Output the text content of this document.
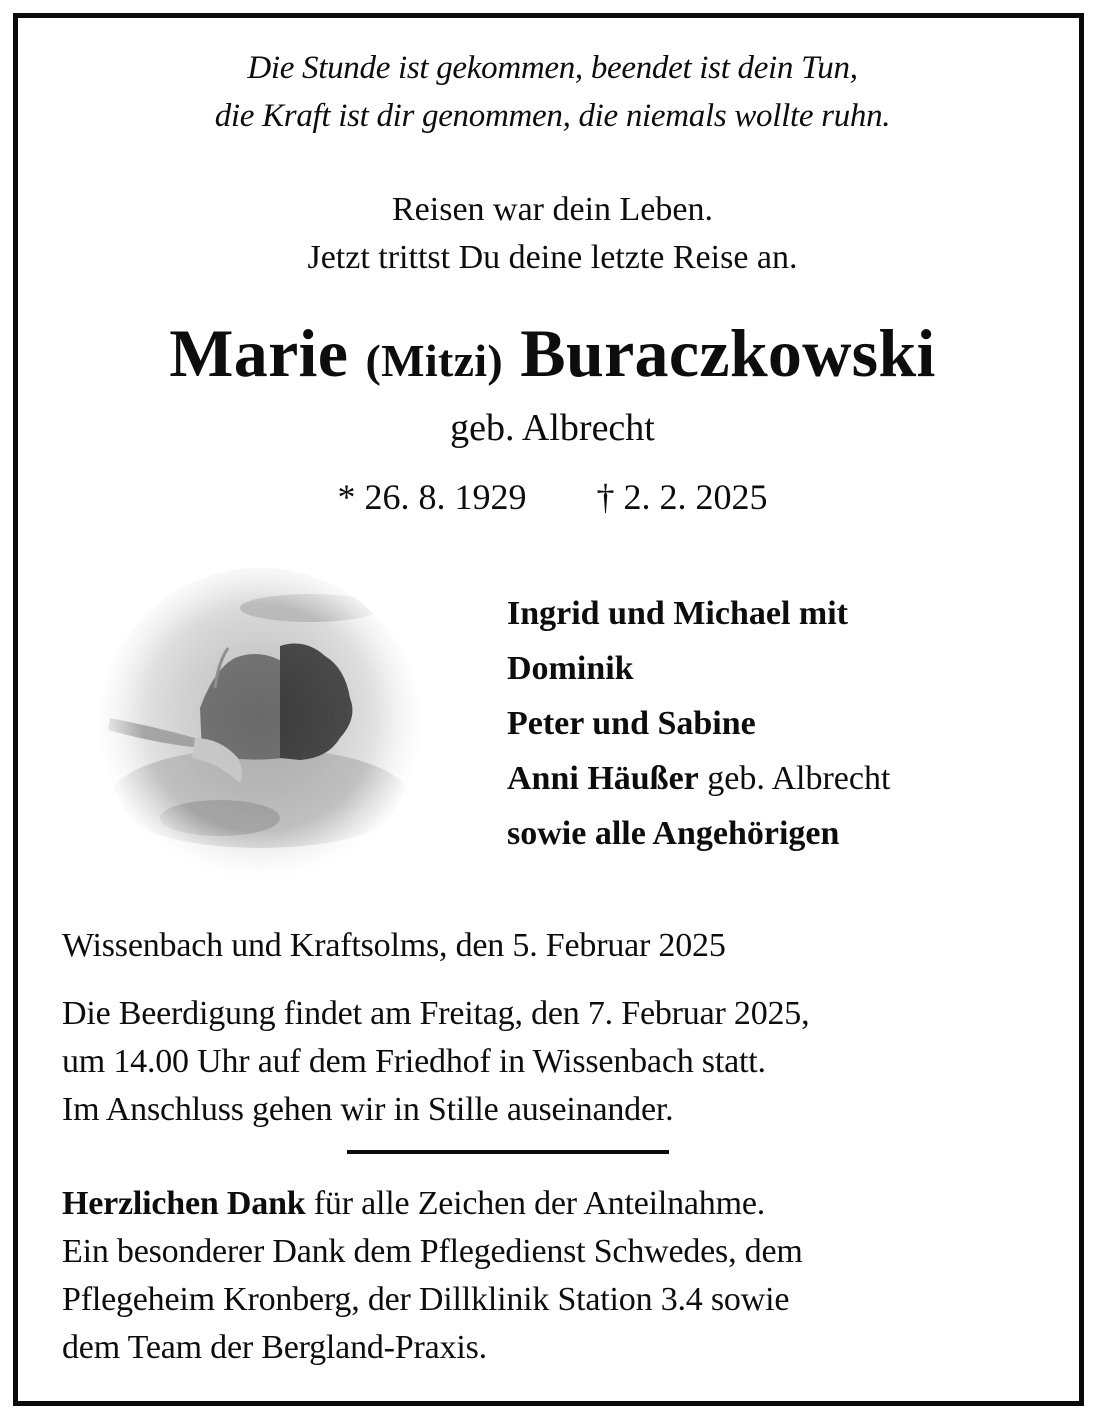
Die Stunde ist gekommen, beendet ist dein Tun,
die Kraft ist dir genommen, die niemals wollte ruhn.
Reisen war dein Leben.
Jetzt trittst Du deine letzte Reise an.
Marie (Mitzi) Buraczkowski
geb. Albrecht
* 26. 8. 1929 † 2. 2. 2025
Ingrid und Michael mit
Dominik
Peter und Sabine
Anni Häußer geb. Albrecht
sowie alle Angehörigen
Wissenbach und Kraftsolms, den 5. Februar 2025
Die Beerdigung findet am Freitag, den 7. Februar 2025,
um 14.00 Uhr auf dem Friedhof in Wissenbach statt.
Im Anschluss gehen wir in Stille auseinander.
Herzlichen Dank für alle Zeichen der Anteilnahme.
Ein besonderer Dank dem Pflegedienst Schwedes, dem
Pflegeheim Kronberg, der Dillklinik Station 3.4 sowie
dem Team der Bergland-Praxis.
